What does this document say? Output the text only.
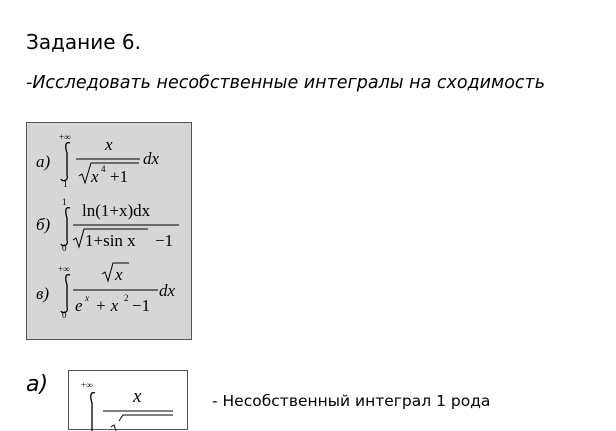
Задание 6.
-Исследовать несобственные интегралы на сходимость
а)
+∞
1
x
x 4 +1
dx
б)
1
0
ln(1+x)dx
1+sin x −1
в)
+∞
0
x
e x + x 2 −1
dx
а)	+∞
x	- Несобственный интеграл 1 рода
